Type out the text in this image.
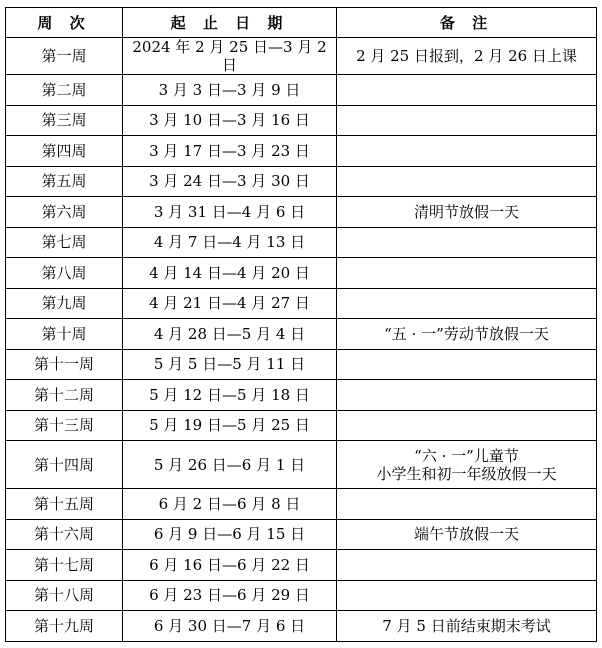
周 次	起 止 日 期	备 注
第一周	2024 年 2 月 25 日—3 月 2 日	2 月 25 日报到，2 月 26 日上课

第二周	3 月 3 日—3 月 9 日	

第三周	3 月 10 日—3 月 16 日	

第四周	3 月 17 日—3 月 23 日	

第五周	3 月 24 日—3 月 30 日	

第六周	3 月 31 日—4 月 6 日	清明节放假一天

第七周	4 月 7 日—4 月 13 日	

第八周	4 月 14 日—4 月 20 日	

第九周	4 月 21 日—4 月 27 日	

第十周	4 月 28 日—5 月 4 日	“五 · 一”劳动节放假一天

第十一周	5 月 5 日—5 月 11 日	

第十二周	5 月 12 日—5 月 18 日	

第十三周	5 月 19 日—5 月 25 日	

第十四周	5 月 26 日—6 月 1 日	“六 · 一”儿童节
小学生和初一年级放假一天

第十五周	6 月 2 日—6 月 8 日	

第十六周	6 月 9 日—6 月 15 日	端午节放假一天

第十七周	6 月 16 日—6 月 22 日	

第十八周	6 月 23 日—6 月 29 日	

第十九周	6 月 30 日—7 月 6 日	7 月 5 日前结束期末考试
